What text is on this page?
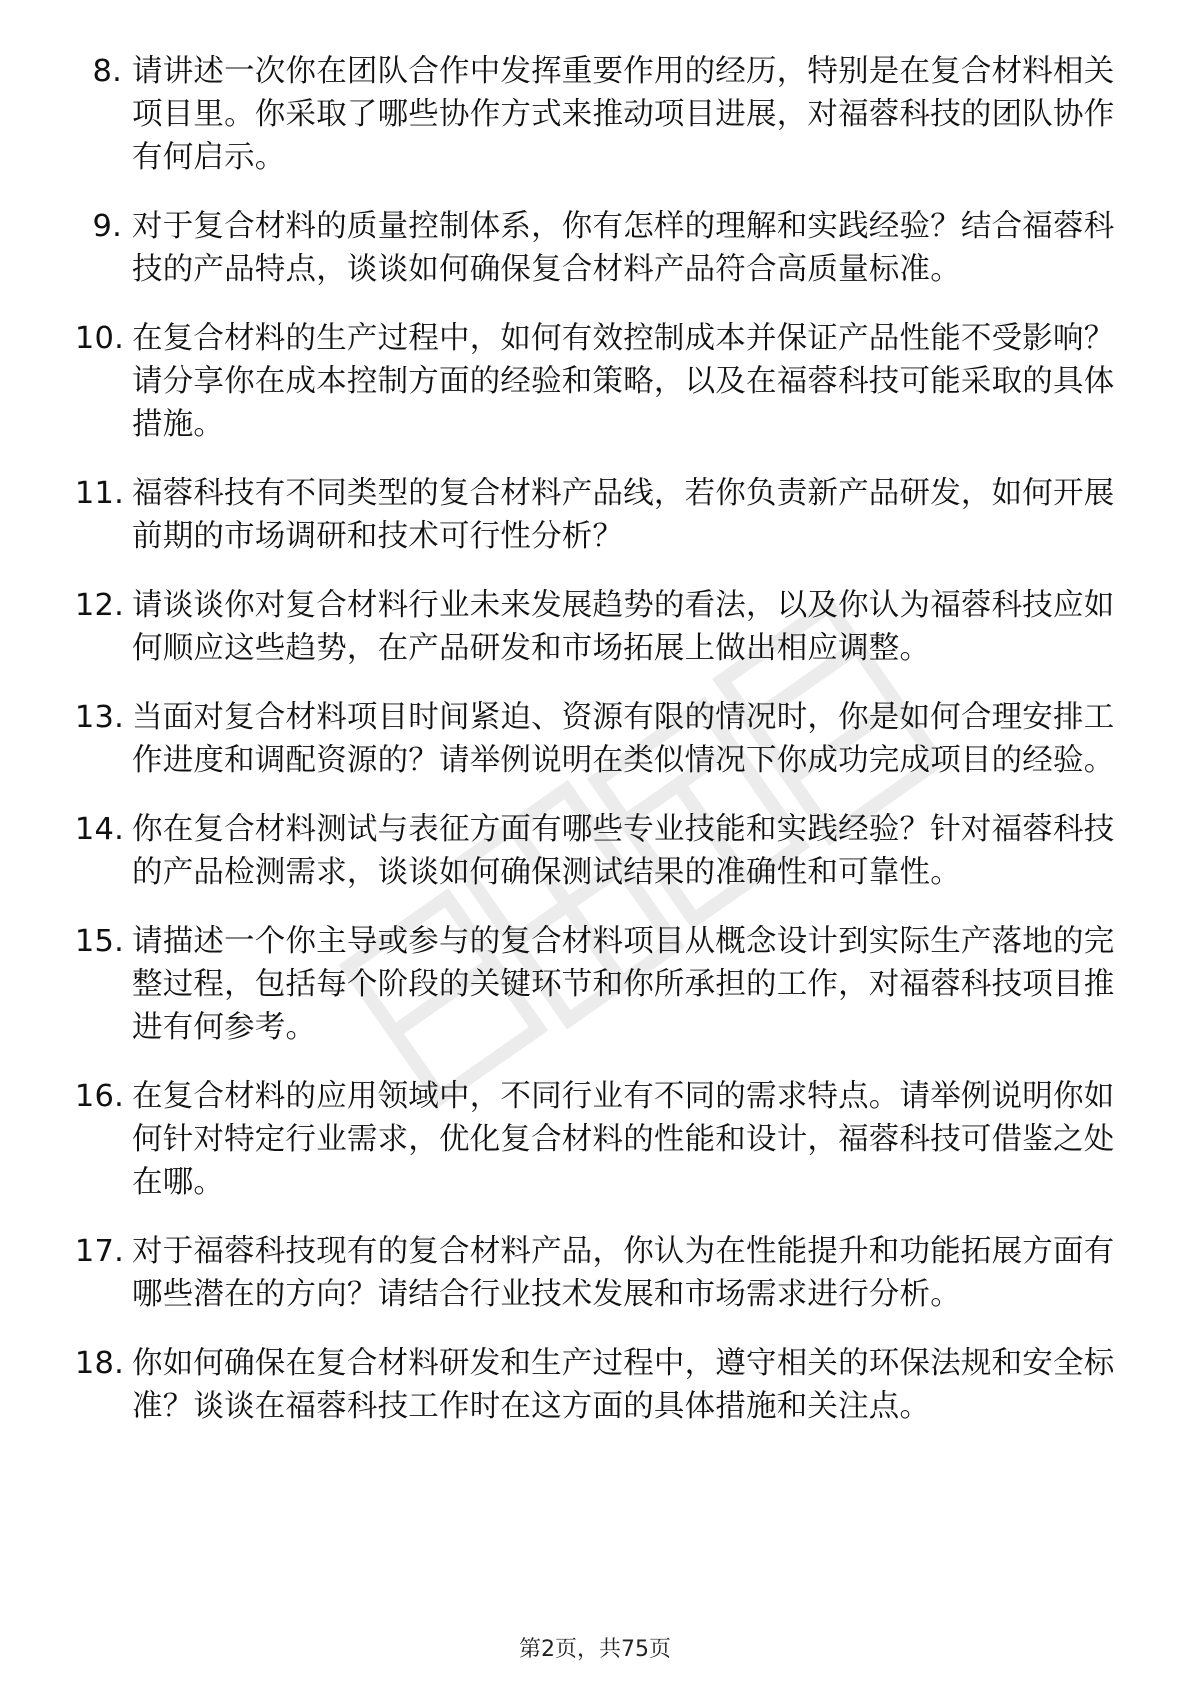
8. 请讲述一次你在团队合作中发挥重要作用的经历，特别是在复合材料相关项目里。你采取了哪些协作方式来推动项目进展，对福蓉科技的团队协作有何启示。
9. 对于复合材料的质量控制体系，你有怎样的理解和实践经验？结合福蓉科技的产品特点，谈谈如何确保复合材料产品符合高质量标准。
10. 在复合材料的生产过程中，如何有效控制成本并保证产品性能不受影响？请分享你在成本控制方面的经验和策略，以及在福蓉科技可能采取的具体措施。
11. 福蓉科技有不同类型的复合材料产品线，若你负责新产品研发，如何开展前期的市场调研和技术可行性分析？
12. 请谈谈你对复合材料行业未来发展趋势的看法，以及你认为福蓉科技应如何顺应这些趋势，在产品研发和市场拓展上做出相应调整。
13. 当面对复合材料项目时间紧迫、资源有限的情况时，你是如何合理安排工作进度和调配资源的？请举例说明在类似情况下你成功完成项目的经验。
14. 你在复合材料测试与表征方面有哪些专业技能和实践经验？针对福蓉科技的产品检测需求，谈谈如何确保测试结果的准确性和可靠性。
15. 请描述一个你主导或参与的复合材料项目从概念设计到实际生产落地的完整过程，包括每个阶段的关键环节和你所承担的工作，对福蓉科技项目推进有何参考。
16. 在复合材料的应用领域中，不同行业有不同的需求特点。请举例说明你如何针对特定行业需求，优化复合材料的性能和设计，福蓉科技可借鉴之处在哪。
17. 对于福蓉科技现有的复合材料产品，你认为在性能提升和功能拓展方面有哪些潜在的方向？请结合行业技术发展和市场需求进行分析。
18. 你如何确保在复合材料研发和生产过程中，遵守相关的环保法规和安全标准？谈谈在福蓉科技工作时在这方面的具体措施和关注点。
第2页，共75页
